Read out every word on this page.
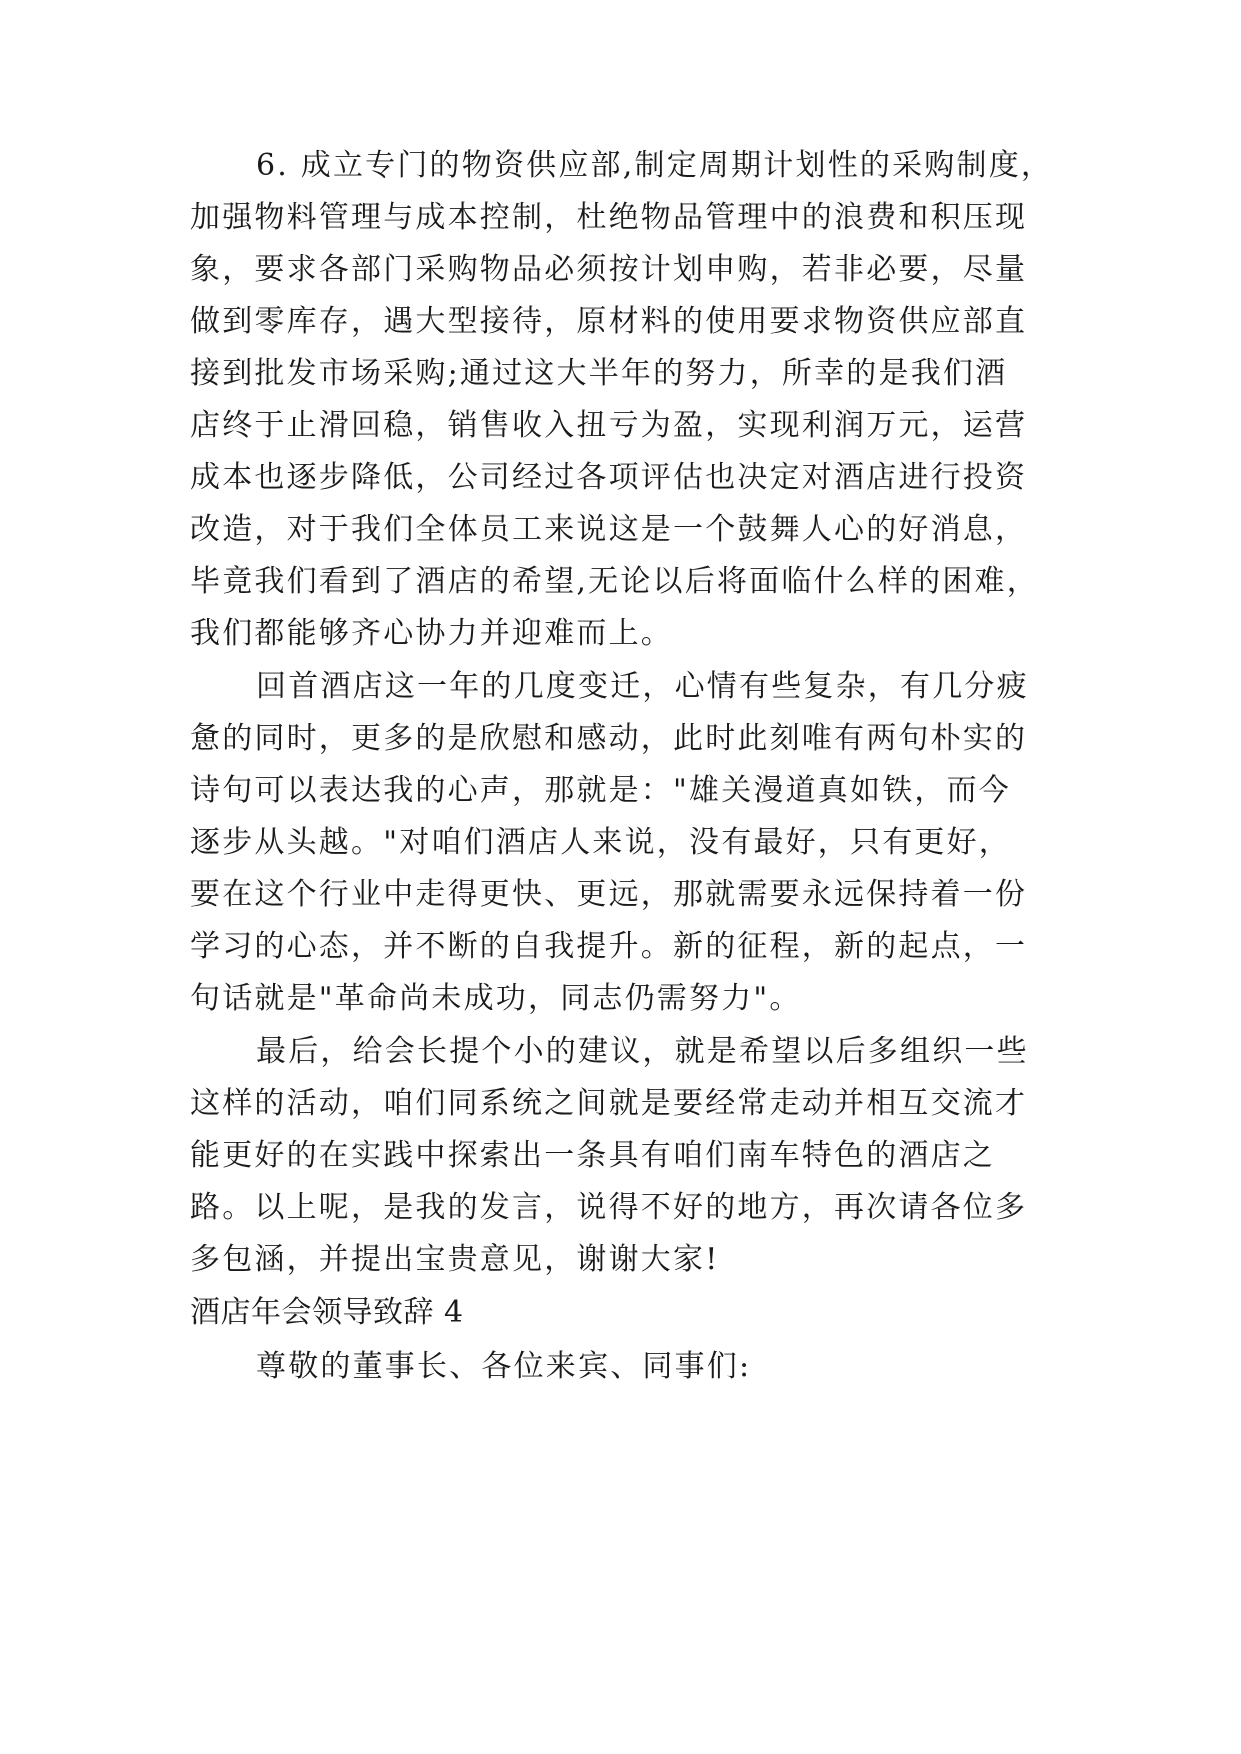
6. 成立专门的物资供应部,制定周期计划性的采购制度，
加强物料管理与成本控制，杜绝物品管理中的浪费和积压现
象，要求各部门采购物品必须按计划申购，若非必要，尽量
做到零库存，遇大型接待，原材料的使用要求物资供应部直
接到批发市场采购;通过这大半年的努力，所幸的是我们酒
店终于止滑回稳，销售收入扭亏为盈，实现利润万元，运营
成本也逐步降低，公司经过各项评估也决定对酒店进行投资
改造，对于我们全体员工来说这是一个鼓舞人心的好消息，
毕竟我们看到了酒店的希望,无论以后将面临什么样的困难，
我们都能够齐心协力并迎难而上。
回首酒店这一年的几度变迁，心情有些复杂，有几分疲
惫的同时，更多的是欣慰和感动，此时此刻唯有两句朴实的
诗句可以表达我的心声，那就是："雄关漫道真如铁，而今
逐步从头越。"对咱们酒店人来说，没有最好，只有更好，
要在这个行业中走得更快、更远，那就需要永远保持着一份
学习的心态，并不断的自我提升。新的征程，新的起点，一
句话就是"革命尚未成功，同志仍需努力"。
最后，给会长提个小的建议，就是希望以后多组织一些
这样的活动，咱们同系统之间就是要经常走动并相互交流才
能更好的在实践中探索出一条具有咱们南车特色的酒店之
路。以上呢，是我的发言，说得不好的地方，再次请各位多
多包涵，并提出宝贵意见，谢谢大家!
酒店年会领导致辞 4
尊敬的董事长、各位来宾、同事们:
